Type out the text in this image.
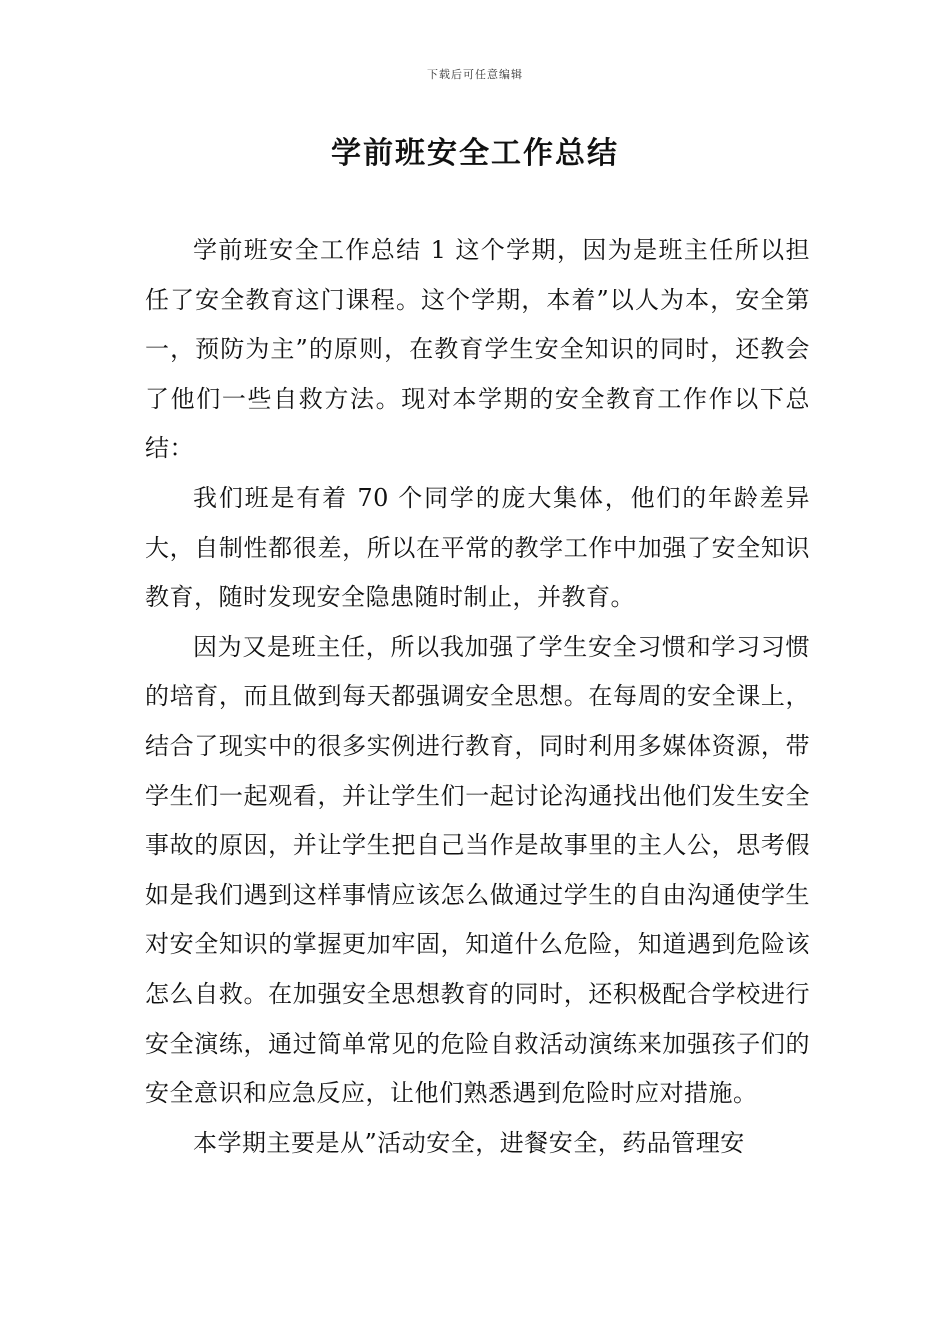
下载后可任意编辑
学前班安全工作总结

学前班安全工作总结 1 这个学期，因为是班主任所以担任了安全教育这门课程。这个学期，本着”以人为本，安全第一，预防为主”的原则，在教育学生安全知识的同时，还教会了他们一些自救方法。现对本学期的安全教育工作作以下总结：

我们班是有着 70 个同学的庞大集体，他们的年龄差异大，自制性都很差，所以在平常的教学工作中加强了安全知识教育，随时发现安全隐患随时制止，并教育。

因为又是班主任，所以我加强了学生安全习惯和学习习惯的培育，而且做到每天都强调安全思想。在每周的安全课上，结合了现实中的很多实例进行教育，同时利用多媒体资源，带学生们一起观看，并让学生们一起讨论沟通找出他们发生安全事故的原因，并让学生把自己当作是故事里的主人公，思考假如是我们遇到这样事情应该怎么做通过学生的自由沟通使学生对安全知识的掌握更加牢固，知道什么危险，知道遇到危险该怎么自救。在加强安全思想教育的同时，还积极配合学校进行安全演练，通过简单常见的危险自救活动演练来加强孩子们的安全意识和应急反应，让他们熟悉遇到危险时应对措施。

本学期主要是从”活动安全，进餐安全，药品管理安
